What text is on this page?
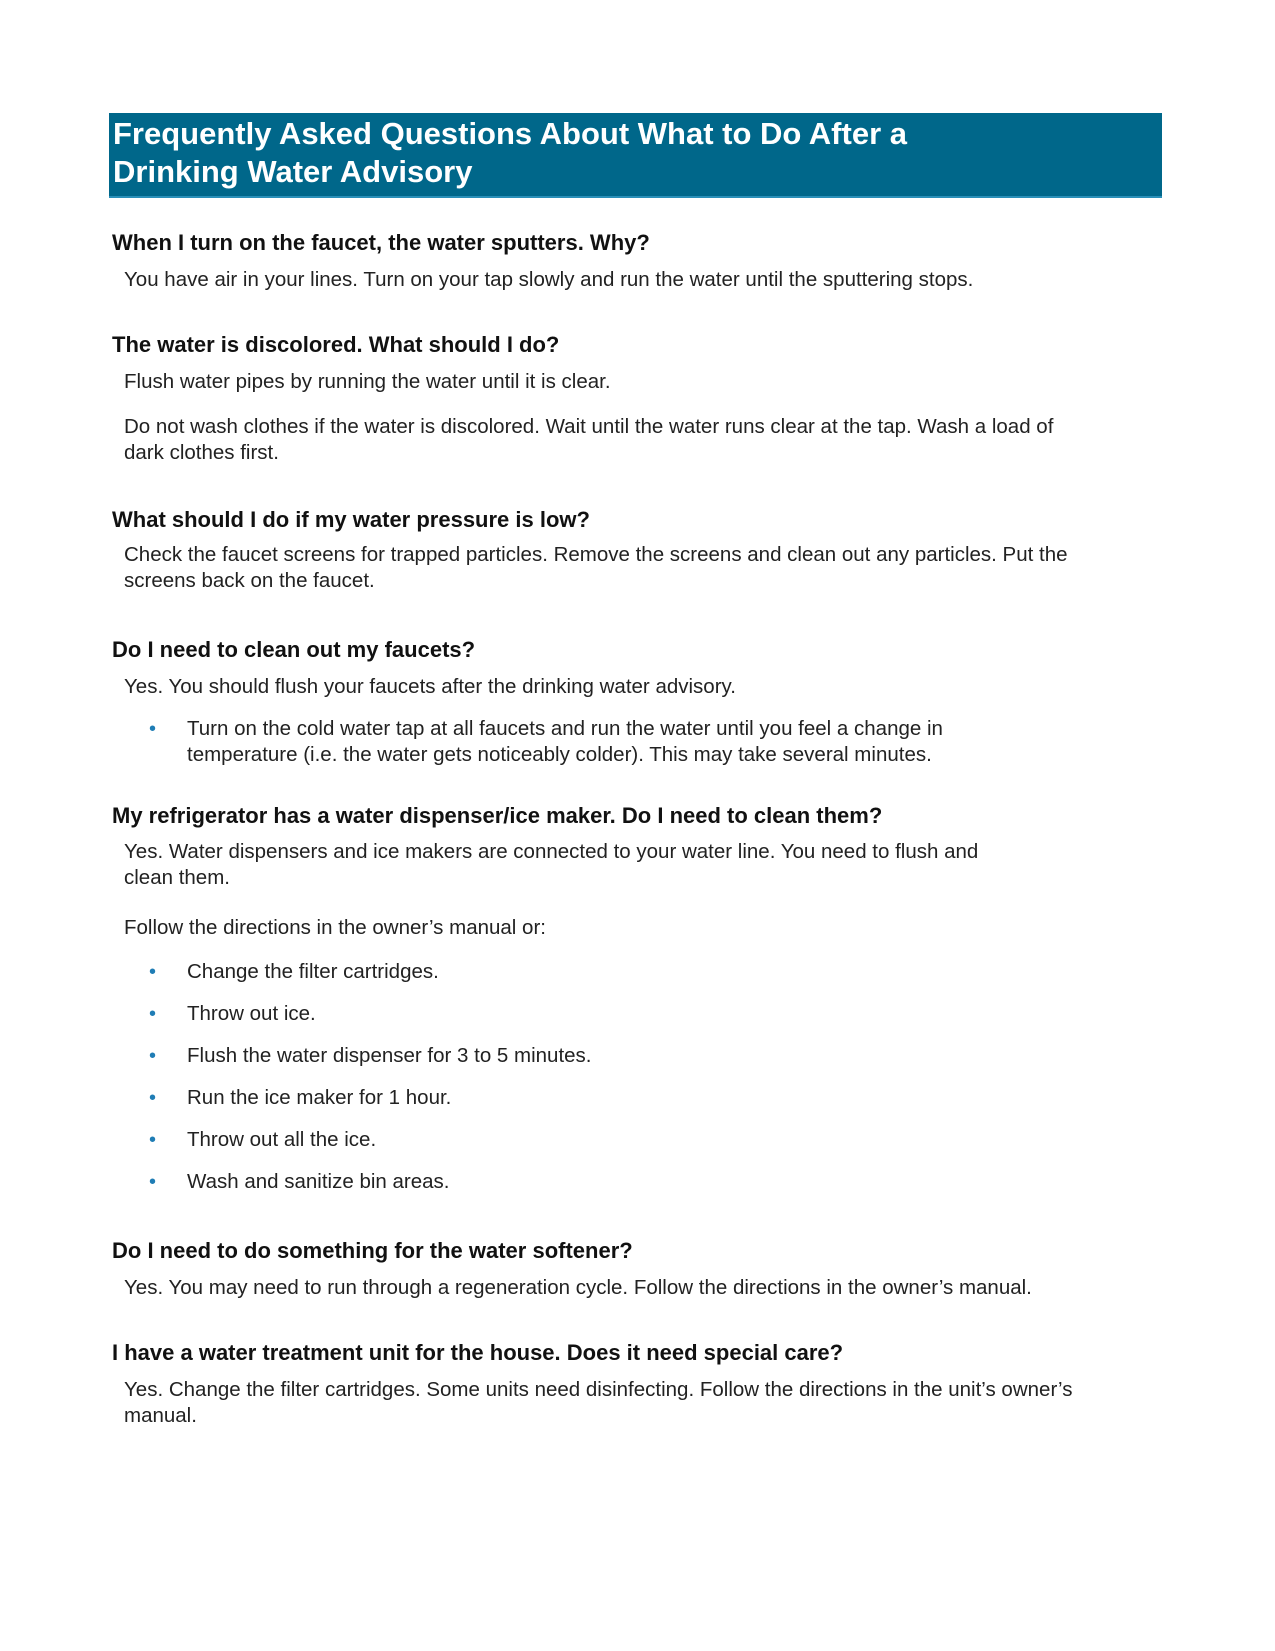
Frequently Asked Questions About What to Do After a Drinking Water Advisory

When I turn on the faucet, the water sputters. Why?

You have air in your lines. Turn on your tap slowly and run the water until the sputtering stops.

The water is discolored. What should I do?

Flush water pipes by running the water until it is clear.

Do not wash clothes if the water is discolored. Wait until the water runs clear at the tap. Wash a load of dark clothes first.

What should I do if my water pressure is low?

Check the faucet screens for trapped particles. Remove the screens and clean out any particles. Put the screens back on the faucet.

Do I need to clean out my faucets?

Yes. You should flush your faucets after the drinking water advisory.

• Turn on the cold water tap at all faucets and run the water until you feel a change in temperature (i.e. the water gets noticeably colder). This may take several minutes.

My refrigerator has a water dispenser/ice maker. Do I need to clean them?

Yes. Water dispensers and ice makers are connected to your water line. You need to flush and clean them.

Follow the directions in the owner’s manual or:

• Change the filter cartridges.
• Throw out ice.
• Flush the water dispenser for 3 to 5 minutes.
• Run the ice maker for 1 hour.
• Throw out all the ice.
• Wash and sanitize bin areas.

Do I need to do something for the water softener?

Yes. You may need to run through a regeneration cycle. Follow the directions in the owner’s manual.

I have a water treatment unit for the house. Does it need special care?

Yes. Change the filter cartridges. Some units need disinfecting. Follow the directions in the unit’s owner’s manual.
